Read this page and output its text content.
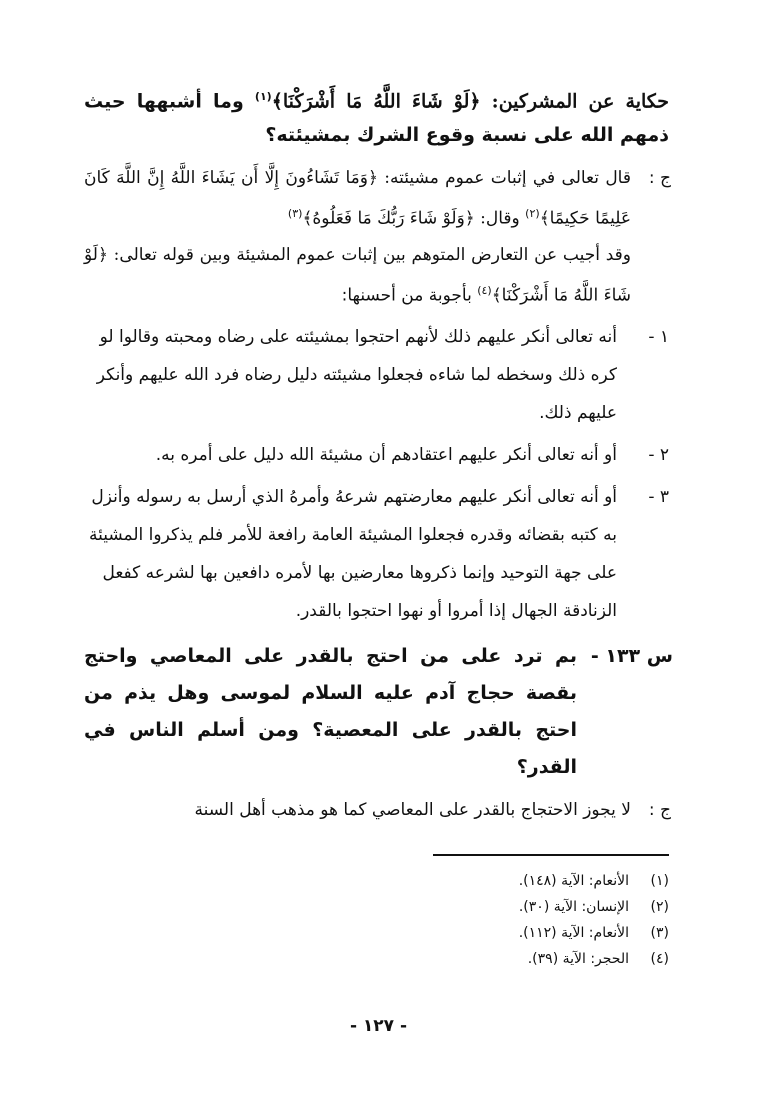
حكاية عن المشركين: ﴿لَوْ شَاءَ اللَّهُ مَا أَشْرَكْنَا﴾$^{(١)}$ وما أشبهها حيث ذمهم الله على نسبة وقوع الشرك بمشيئته؟
ج :
قال تعالى في إثبات عموم مشيئته: ﴿وَمَا تَشَاءُونَ إِلَّا أَن يَشَاءَ اللَّهُ إِنَّ اللَّهَ كَانَ عَلِيمًا حَكِيمًا﴾$^{(٢)}$ وقال: ﴿وَلَوْ شَاءَ رَبُّكَ مَا فَعَلُوهُ﴾$^{(٣)}$
وقد أجيب عن التعارض المتوهم بين إثبات عموم المشيئة وبين قوله تعالى: ﴿لَوْ شَاءَ اللَّهُ مَا أَشْرَكْنَا﴾$^{(٤)}$ بأجوبة من أحسنها:
١ -
أنه تعالى أنكر عليهم ذلك لأنهم احتجوا بمشيئته على رضاه ومحبته وقالوا لو كره ذلك وسخطه لما شاءه فجعلوا مشيئته دليل رضاه فرد الله عليهم وأنكر عليهم ذلك.
٢ -
أو أنه تعالى أنكر عليهم اعتقادهم أن مشيئة الله دليل على أمره به.
٣ -
أو أنه تعالى أنكر عليهم معارضتهم شرعهُ وأمرهُ الذي أرسل به رسوله وأنزل به كتبه بقضائه وقدره فجعلوا المشيئة العامة رافعة للأمر فلم يذكروا المشيئة على جهة التوحيد وإنما ذكروها معارضين بها لأمره دافعين بها لشرعه كفعل الزنادقة الجهال إذا أمروا أو نهوا احتجوا بالقدر.
س ١٣٣ -
بم ترد على من احتج بالقدر على المعاصي واحتج بقصة حجاج آدم عليه السلام لموسى وهل يذم من احتج بالقدر على المعصية؟ ومن أسلم الناس في القدر؟
ج :
لا يجوز الاحتجاج بالقدر على المعاصي كما هو مذهب أهل السنة
(١)
الأنعام: الآية (١٤٨).
(٢)
الإنسان: الآية (٣٠).
(٣)
الأنعام: الآية (١١٢).
(٤)
الحجر: الآية (٣٩).
- ١٢٧ -
